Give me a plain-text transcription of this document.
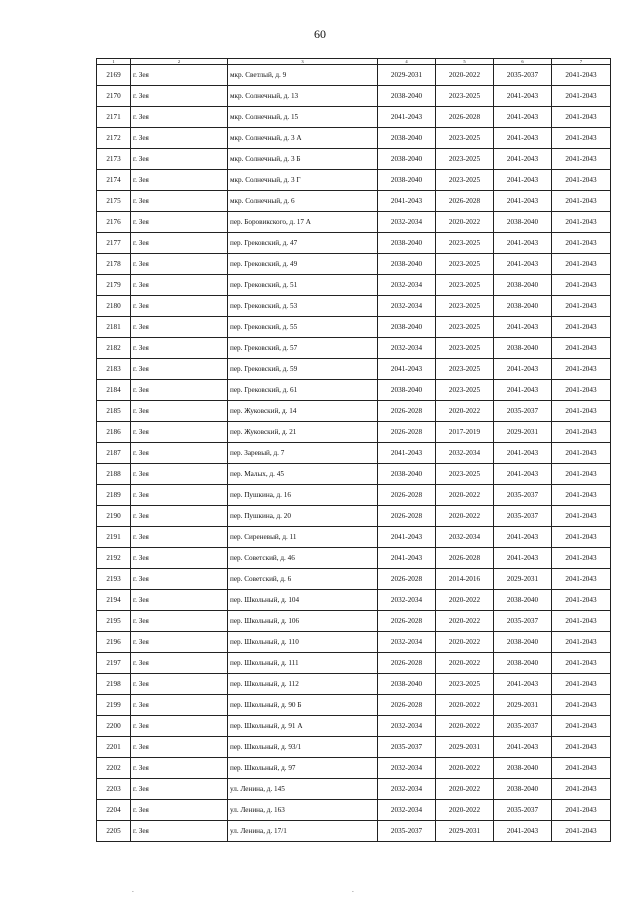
60
1	2	3	4	5	6	7
2169	г. Зея	мкр. Светлый, д. 9	2029-2031	2020-2022	2035-2037	2041-2043
2170	г. Зея	мкр. Солнечный, д. 13	2038-2040	2023-2025	2041-2043	2041-2043
2171	г. Зея	мкр. Солнечный, д. 15	2041-2043	2026-2028	2041-2043	2041-2043
2172	г. Зея	мкр. Солнечный, д. 3 А	2038-2040	2023-2025	2041-2043	2041-2043
2173	г. Зея	мкр. Солнечный, д. 3 Б	2038-2040	2023-2025	2041-2043	2041-2043
2174	г. Зея	мкр. Солнечный, д. 3 Г	2038-2040	2023-2025	2041-2043	2041-2043
2175	г. Зея	мкр. Солнечный, д. 6	2041-2043	2026-2028	2041-2043	2041-2043
2176	г. Зея	пер. Боровикского, д. 17 А	2032-2034	2020-2022	2038-2040	2041-2043
2177	г. Зея	пер. Грековский, д. 47	2038-2040	2023-2025	2041-2043	2041-2043
2178	г. Зея	пер. Грековский, д. 49	2038-2040	2023-2025	2041-2043	2041-2043
2179	г. Зея	пер. Грековский, д. 51	2032-2034	2023-2025	2038-2040	2041-2043
2180	г. Зея	пер. Грековский, д. 53	2032-2034	2023-2025	2038-2040	2041-2043
2181	г. Зея	пер. Грековский, д. 55	2038-2040	2023-2025	2041-2043	2041-2043
2182	г. Зея	пер. Грековский, д. 57	2032-2034	2023-2025	2038-2040	2041-2043
2183	г. Зея	пер. Грековский, д. 59	2041-2043	2023-2025	2041-2043	2041-2043
2184	г. Зея	пер. Грековский, д. 61	2038-2040	2023-2025	2041-2043	2041-2043
2185	г. Зея	пер. Жуковский, д. 14	2026-2028	2020-2022	2035-2037	2041-2043
2186	г. Зея	пер. Жуковский, д. 21	2026-2028	2017-2019	2029-2031	2041-2043
2187	г. Зея	пер. Заревый, д. 7	2041-2043	2032-2034	2041-2043	2041-2043
2188	г. Зея	пер. Малых, д. 45	2038-2040	2023-2025	2041-2043	2041-2043
2189	г. Зея	пер. Пушкина, д. 16	2026-2028	2020-2022	2035-2037	2041-2043
2190	г. Зея	пер. Пушкина, д. 20	2026-2028	2020-2022	2035-2037	2041-2043
2191	г. Зея	пер. Сиреневый, д. 11	2041-2043	2032-2034	2041-2043	2041-2043
2192	г. Зея	пер. Советский, д. 46	2041-2043	2026-2028	2041-2043	2041-2043
2193	г. Зея	пер. Советский, д. 6	2026-2028	2014-2016	2029-2031	2041-2043
2194	г. Зея	пер. Школьный, д. 104	2032-2034	2020-2022	2038-2040	2041-2043
2195	г. Зея	пер. Школьный, д. 106	2026-2028	2020-2022	2035-2037	2041-2043
2196	г. Зея	пер. Школьный, д. 110	2032-2034	2020-2022	2038-2040	2041-2043
2197	г. Зея	пер. Школьный, д. 111	2026-2028	2020-2022	2038-2040	2041-2043
2198	г. Зея	пер. Школьный, д. 112	2038-2040	2023-2025	2041-2043	2041-2043
2199	г. Зея	пер. Школьный, д. 90 Б	2026-2028	2020-2022	2029-2031	2041-2043
2200	г. Зея	пер. Школьный, д. 91 А	2032-2034	2020-2022	2035-2037	2041-2043
2201	г. Зея	пер. Школьный, д. 93/1	2035-2037	2029-2031	2041-2043	2041-2043
2202	г. Зея	пер. Школьный, д. 97	2032-2034	2020-2022	2038-2040	2041-2043
2203	г. Зея	ул. Ленина, д. 145	2032-2034	2020-2022	2038-2040	2041-2043
2204	г. Зея	ул. Ленина, д. 163	2032-2034	2020-2022	2035-2037	2041-2043
2205	г. Зея	ул. Ленина, д. 17/1	2035-2037	2029-2031	2041-2043	2041-2043
-	-
